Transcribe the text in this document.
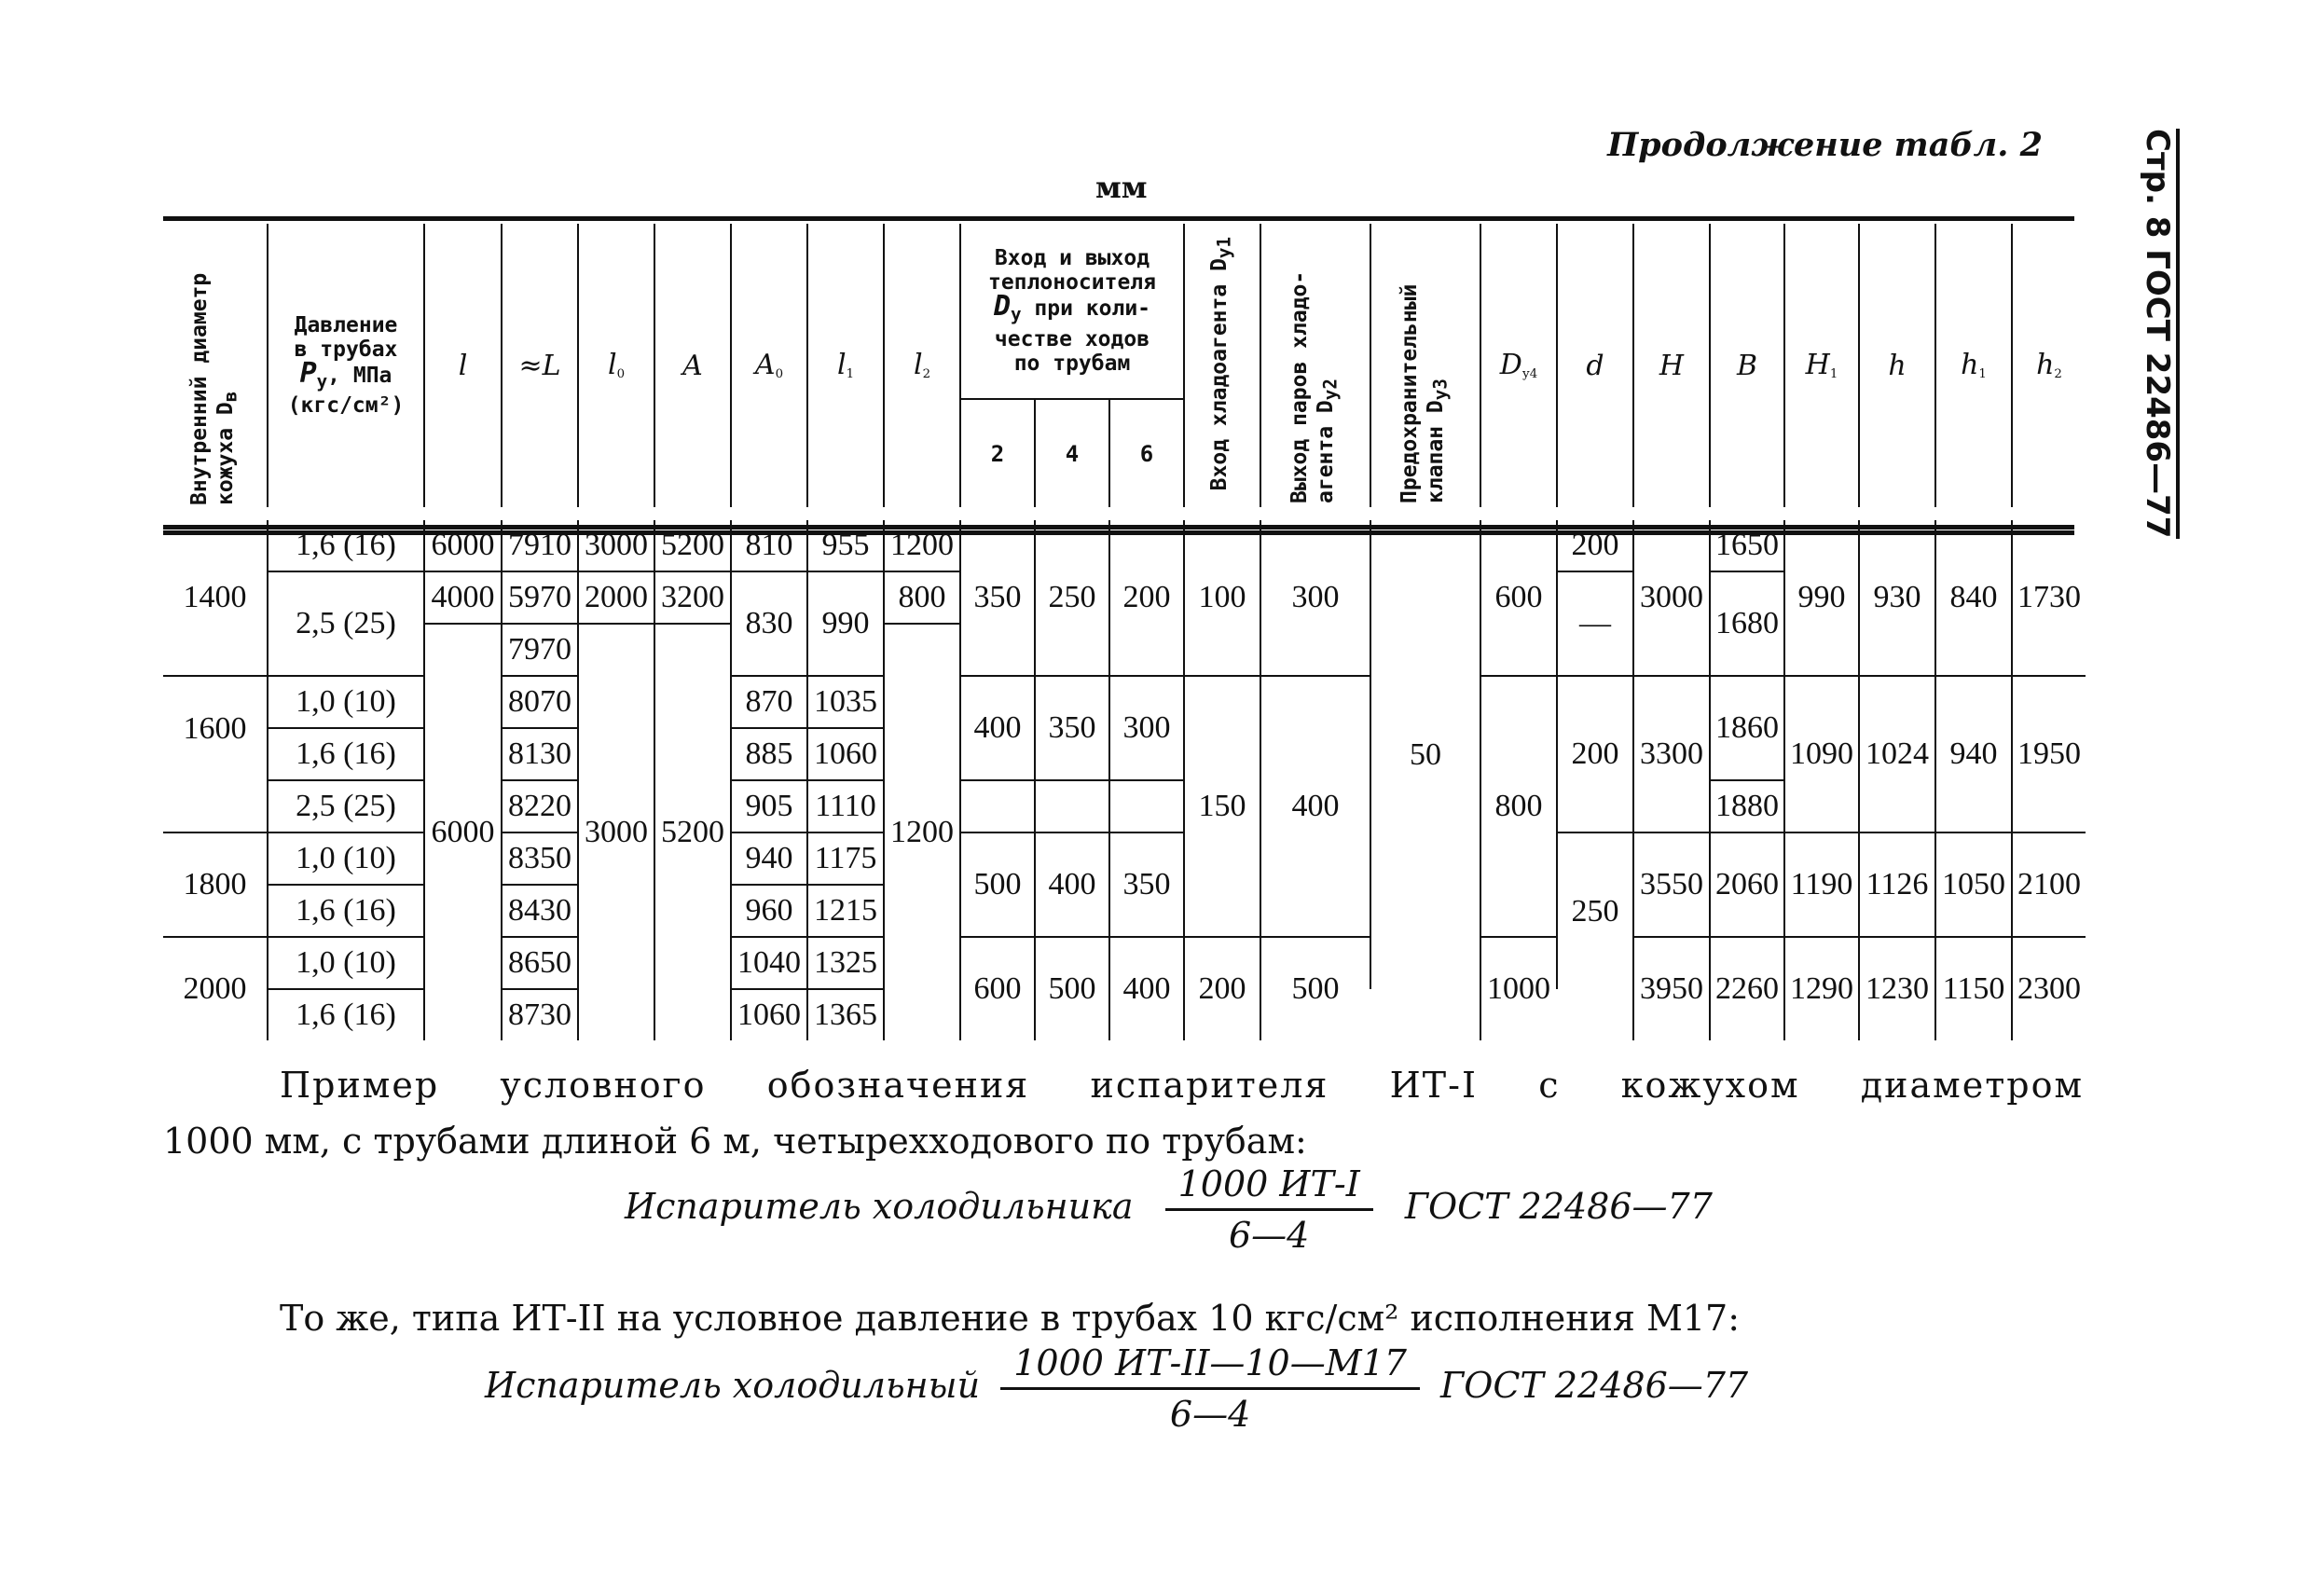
Продолжение табл. 2
мм	Стр. 8 ГОСТ 22486—77
Внутренний диаметр кожуха $D_в$	Давление
в трубах
$P_у$, МПа
(кгс/см²)	l	≈L	$l_0$	A	$A_0$	$l_1$	$l_2$	Вход и выход
теплоносителя
$D_у$ при коли-
честве ходов
по трубам			Вход хладоагента $D_{у1}$	Выход паров хладо-агента $D_{у2}$	Предохранительный клапан $D_{у3}$	$D_{у4}$	d	H	B	$H_1$	h	$h_1$	$h_2$
									2	4	6											

1400	1,6 (16)	6000	7910	3000	5200	810	955	1200	350	250	200	100	300	50	600	200	3000	1650	990	930	840	1730
	2,5 (25)	4000	5970	2000	3200	830	990	800								—		1680				
		6000	7970	3000	5200			1200														
1600	1,0 (10)		8070			870	1035		400	350	300	150	400		800	200	3300	1860	1090	1024	940	1950
	1,6 (16)		8130			885	1060															
	2,5 (25)		8220			905	1110											1880				
1800	1,0 (10)		8350			940	1175		500	400	350					250	3550	2060	1190	1126	1050	2100
	1,6 (16)		8430			960	1215															
2000	1,0 (10)		8650			1040	1325		600	500	400	200	500		1000		3950	2260	1290	1230	1150	2300
	1,6 (16)		8730			1060	1365															
Пример условного обозначения испарителя ИТ-I с кожухом диаметром
1000 мм, с трубами длиной 6 м, четырехходового по трубам:
Испаритель холодильника $\frac{1000 ИТ-I}{6—4}$ ГОСТ 22486—77
То же, типа ИТ-II на условное давление в трубах 10 кгс/см² исполнения М17:
Испаритель холодильный $\frac{1000 ИТ-II—10—М17}{6—4}$ ГОСТ 22486—77
